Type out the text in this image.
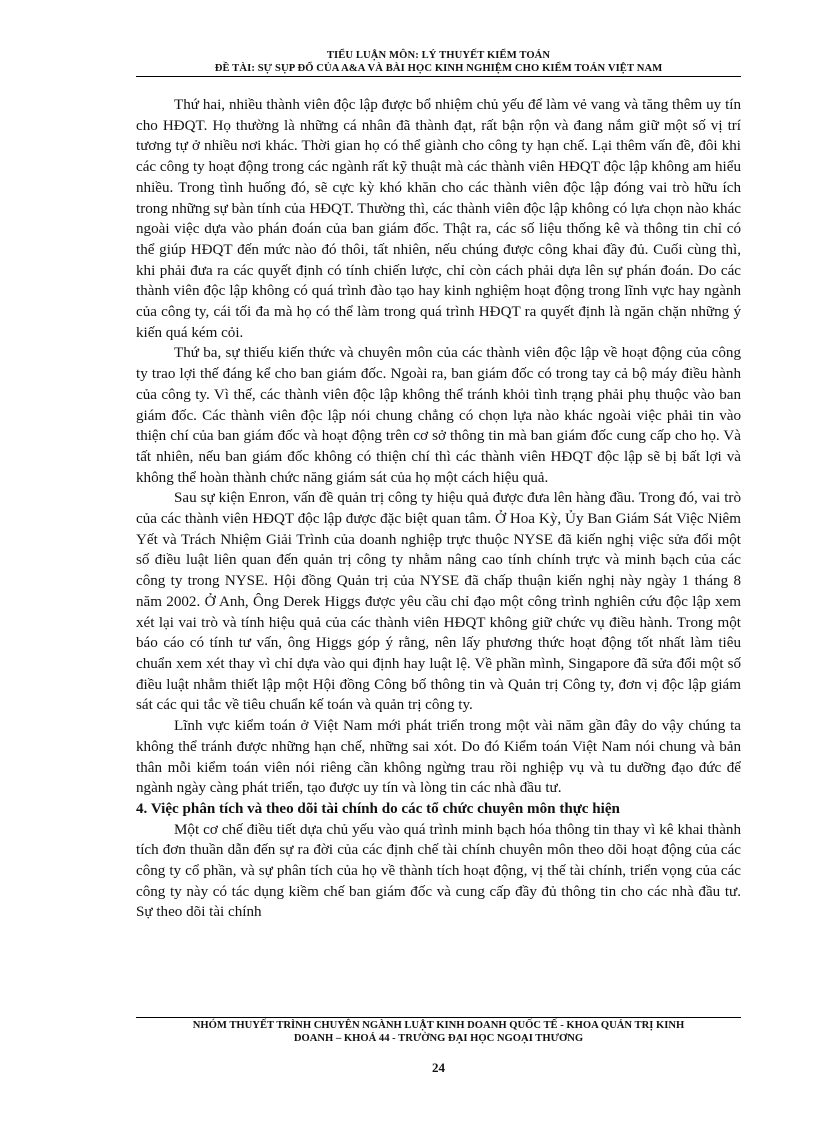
TIỂU LUẬN MÔN: LÝ THUYẾT KIỂM TOÁN
ĐỀ TÀI: SỰ SỤP ĐỔ CỦA A&A VÀ BÀI HỌC KINH NGHIỆM CHO KIỂM TOÁN VIỆT NAM

Thứ hai, nhiều thành viên độc lập được bổ nhiệm chủ yếu để làm vẻ vang và tăng thêm uy tín cho HĐQT. Họ thường là những cá nhân đã thành đạt, rất bận rộn và đang nắm giữ một số vị trí tương tự ở nhiều nơi khác. Thời gian họ có thể giành cho công ty hạn chế. Lại thêm vấn đề, đôi khi các công ty hoạt động trong các ngành rất kỹ thuật mà các thành viên HĐQT độc lập không am hiểu nhiều. Trong tình huống đó, sẽ cực kỳ khó khăn cho các thành viên độc lập đóng vai trò hữu ích trong những sự bàn tính của HĐQT. Thường thì, các thành viên độc lập không có lựa chọn nào khác ngoài việc dựa vào phán đoán của ban giám đốc. Thật ra, các số liệu thống kê và thông tin chỉ có thể giúp HĐQT đến mức nào đó thôi, tất nhiên, nếu chúng được công khai đầy đủ. Cuối cùng thì, khi phải đưa ra các quyết định có tính chiến lược, chỉ còn cách phải dựa lên sự phán đoán. Do các thành viên độc lập không có quá trình đào tạo hay kinh nghiệm hoạt động trong lĩnh vực hay ngành của công ty, cái tối đa mà họ có thể làm trong quá trình HĐQT ra quyết định là ngăn chặn những ý kiến quá kém cỏi.

Thứ ba, sự thiếu kiến thức và chuyên môn của các thành viên độc lập về hoạt động của công ty trao lợi thế đáng kể cho ban giám đốc. Ngoài ra, ban giám đốc có trong tay cả bộ máy điều hành của công ty. Vì thế, các thành viên độc lập không thể tránh khỏi tình trạng phải phụ thuộc vào ban giám đốc. Các thành viên độc lập nói chung chẳng có chọn lựa nào khác ngoài việc phải tin vào thiện chí của ban giám đốc và hoạt động trên cơ sở thông tin mà ban giám đốc cung cấp cho họ. Và tất nhiên, nếu ban giám đốc không có thiện chí thì các thành viên HĐQT độc lập sẽ bị bất lợi và không thể hoàn thành chức năng giám sát của họ một cách hiệu quả.

Sau sự kiện Enron, vấn đề quản trị công ty hiệu quả được đưa lên hàng đầu. Trong đó, vai trò của các thành viên HĐQT độc lập được đặc biệt quan tâm. Ở Hoa Kỳ, Ủy Ban Giám Sát Việc Niêm Yết và Trách Nhiệm Giải Trình của doanh nghiệp trực thuộc NYSE đã kiến nghị việc sửa đổi một số điều luật liên quan đến quản trị công ty nhằm nâng cao tính chính trực và minh bạch của các công ty trong NYSE. Hội đồng Quản trị của NYSE đã chấp thuận kiến nghị này ngày 1 tháng 8 năm 2002. Ở Anh, Ông Derek Higgs được yêu cầu chỉ đạo một công trình nghiên cứu độc lập xem xét lại vai trò và tính hiệu quả của các thành viên HĐQT không giữ chức vụ điều hành. Trong một báo cáo có tính tư vấn, ông Higgs góp ý rằng, nên lấy phương thức hoạt động tốt nhất làm tiêu chuẩn xem xét thay vì chỉ dựa vào qui định hay luật lệ. Về phần mình, Singapore đã sửa đổi một số điều luật nhằm thiết lập một Hội đồng Công bố thông tin và Quản trị Công ty, đơn vị độc lập giám sát các qui tắc về tiêu chuẩn kế toán và quản trị công ty.

Lĩnh vực kiểm toán ở Việt Nam mới phát triển trong một vài năm gần đây do vậy chúng ta không thể tránh được những hạn chế, những sai xót. Do đó Kiểm toán Việt Nam nói chung và bản thân mỗi kiểm toán viên nói riêng cần không ngừng trau rồi nghiệp vụ và tu dưỡng đạo đức để ngành ngày càng phát triển, tạo được uy tín và lòng tin các nhà đầu tư.

4. Việc phân tích và theo dõi tài chính do các tổ chức chuyên môn thực hiện

Một cơ chế điều tiết dựa chủ yếu vào quá trình minh bạch hóa thông tin thay vì kê khai thành tích đơn thuần dẫn đến sự ra đời của các định chế tài chính chuyên môn theo dõi hoạt động của các công ty cổ phần, và sự phân tích của họ về thành tích hoạt động, vị thế tài chính, triển vọng của các công ty này có tác dụng kiềm chế ban giám đốc và cung cấp đầy đủ thông tin cho các nhà đầu tư. Sự theo dõi tài chính

NHÓM THUYẾT TRÌNH CHUYÊN NGÀNH LUẬT KINH DOANH QUỐC TẾ - KHOA QUẢN TRỊ KINH
DOANH – KHOÁ 44 - TRƯỜNG ĐẠI HỌC NGOẠI THƯƠNG
24
